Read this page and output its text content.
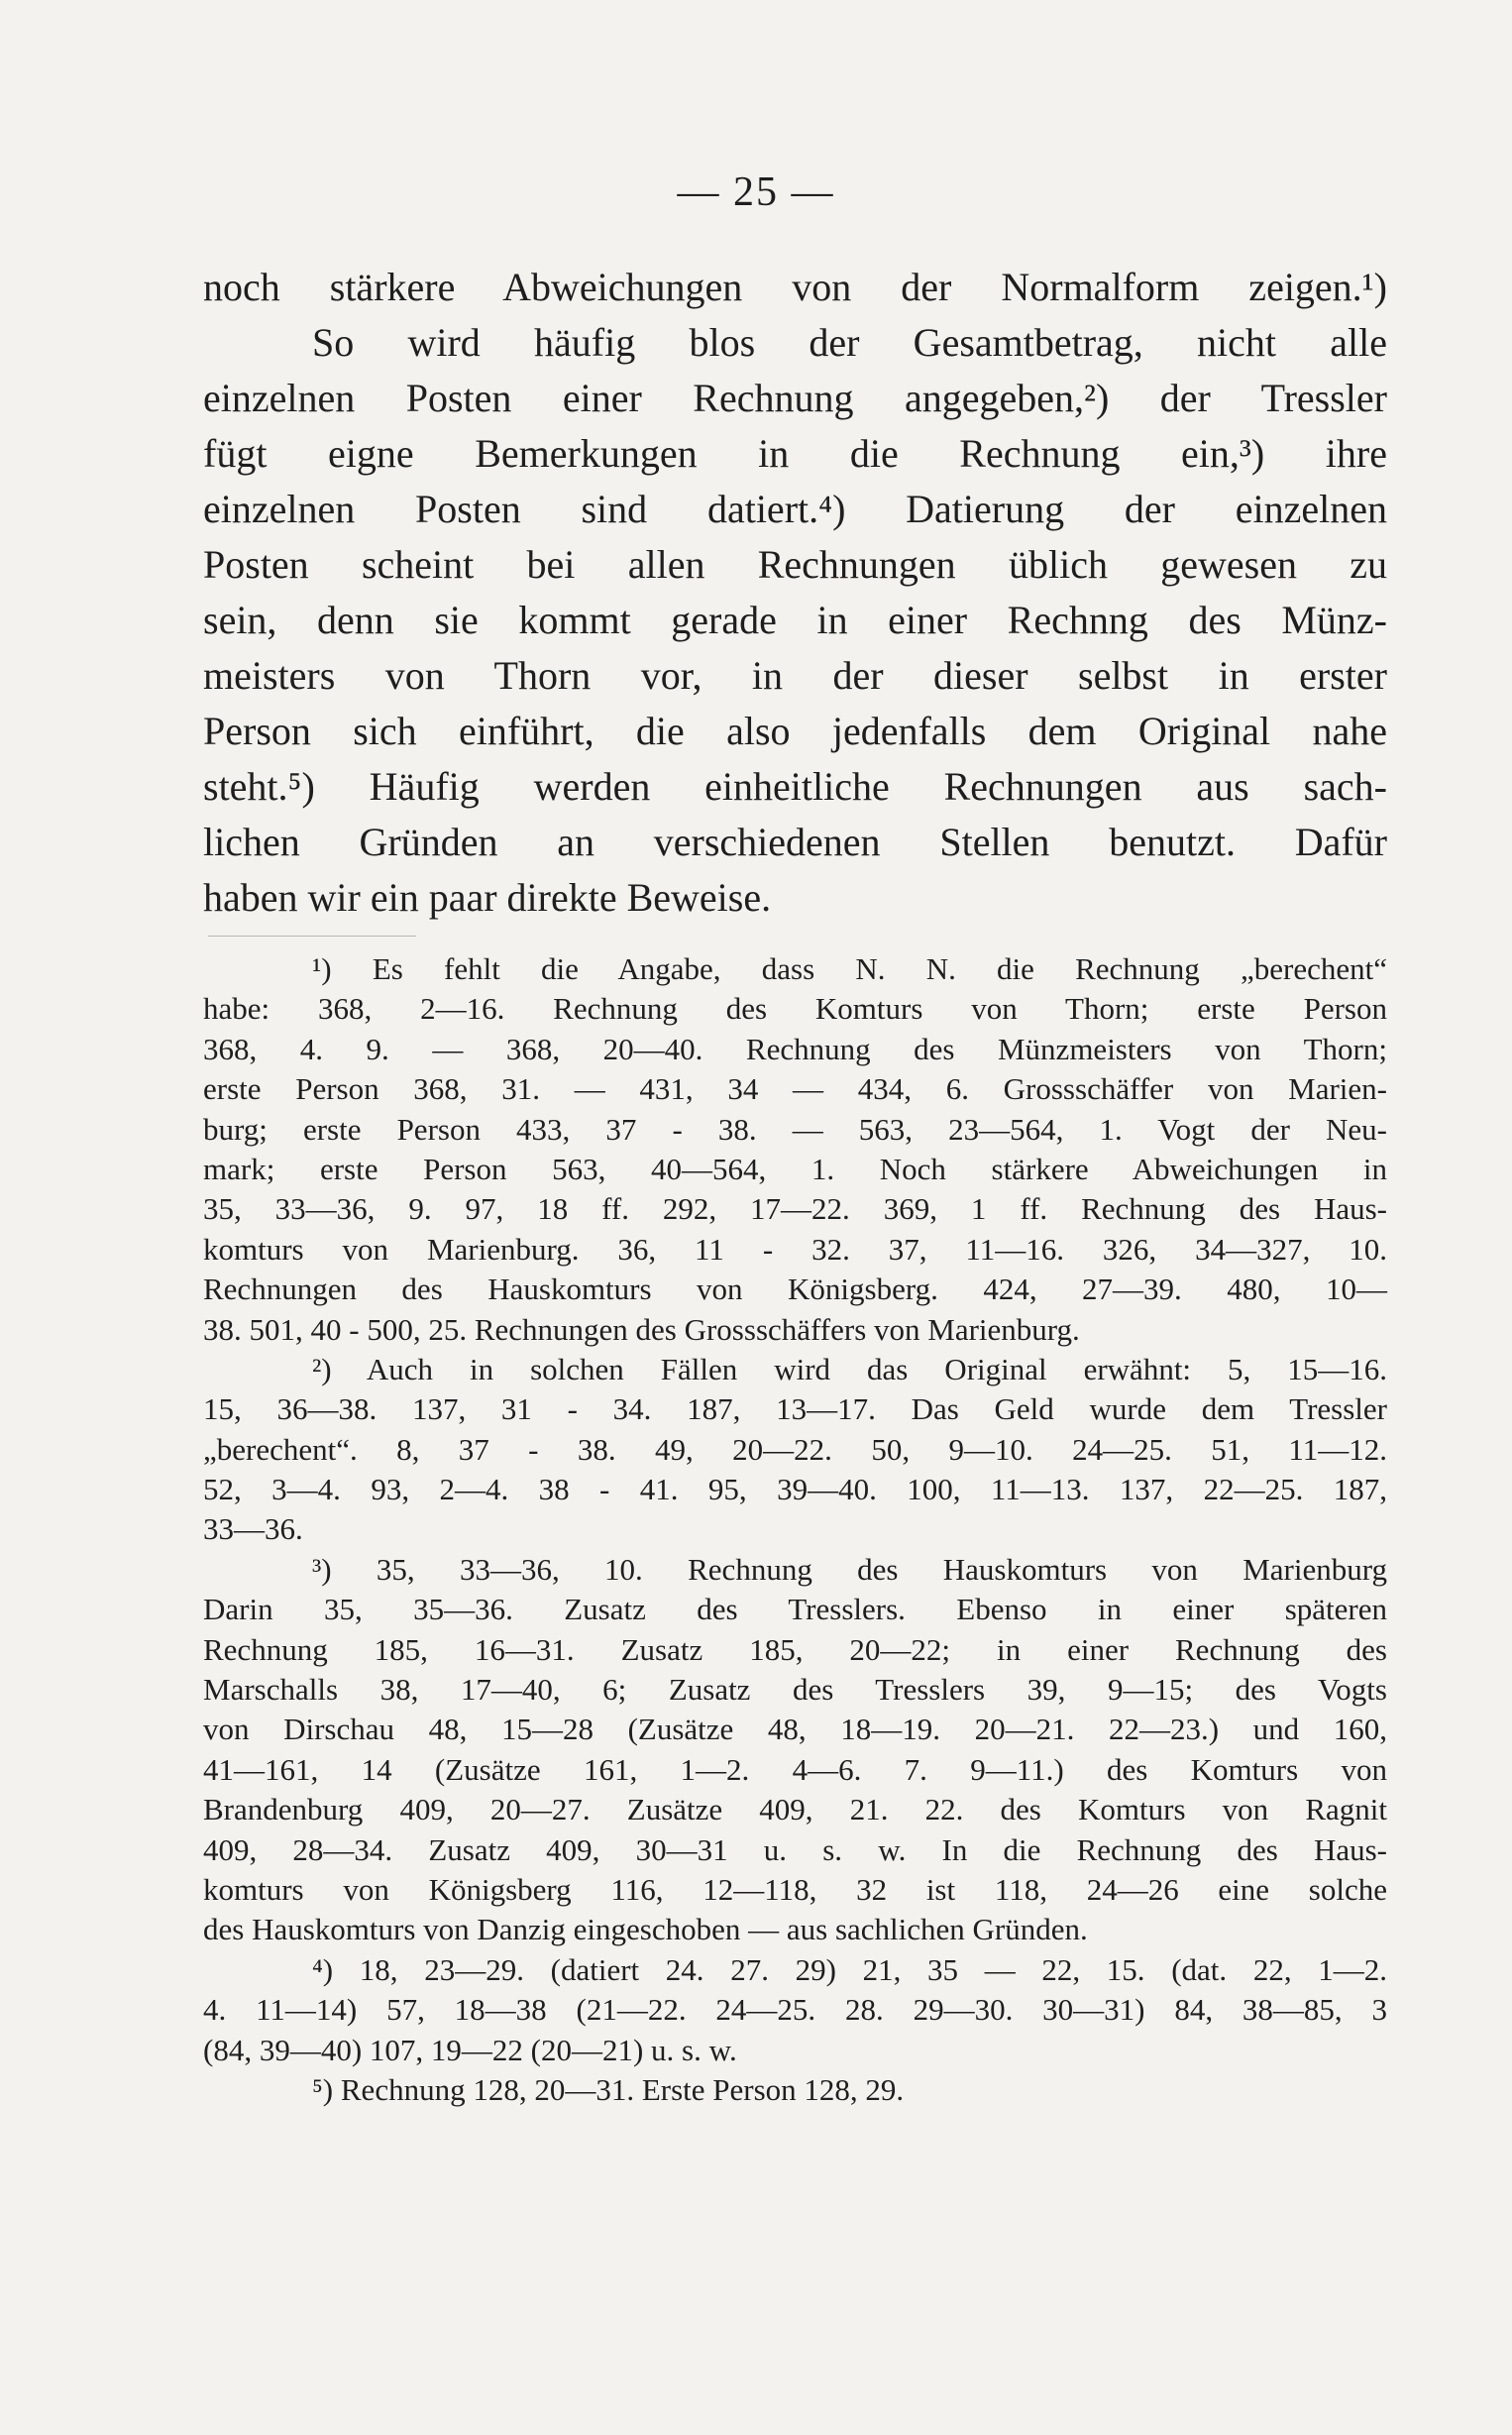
— 25 —
noch stärkere Abweichungen von der Normalform zeigen.¹)
So wird häufig blos der Gesamtbetrag, nicht alle
einzelnen Posten einer Rechnung angegeben,²) der Tressler
fügt eigne Bemerkungen in die Rechnung ein,³) ihre
einzelnen Posten sind datiert.⁴) Datierung der einzelnen
Posten scheint bei allen Rechnungen üblich gewesen zu
sein, denn sie kommt gerade in einer Rechnng des Münz-
meisters von Thorn vor, in der dieser selbst in erster
Person sich einführt, die also jedenfalls dem Original nahe
steht.⁵) Häufig werden einheitliche Rechnungen aus sach-
lichen Gründen an verschiedenen Stellen benutzt. Dafür
haben wir ein paar direkte Beweise.
¹) Es fehlt die Angabe, dass N. N. die Rechnung „berechent“
habe: 368, 2—16. Rechnung des Komturs von Thorn; erste Person
368, 4. 9. — 368, 20—40. Rechnung des Münzmeisters von Thorn;
erste Person 368, 31. — 431, 34 — 434, 6. Grossschäffer von Marien-
burg; erste Person 433, 37 - 38. — 563, 23—564, 1. Vogt der Neu-
mark; erste Person 563, 40—564, 1. Noch stärkere Abweichungen in
35, 33—36, 9. 97, 18 ff. 292, 17—22. 369, 1 ff. Rechnung des Haus-
komturs von Marienburg. 36, 11 - 32. 37, 11—16. 326, 34—327, 10.
Rechnungen des Hauskomturs von Königsberg. 424, 27—39. 480, 10—
38. 501, 40 - 500, 25. Rechnungen des Grossschäffers von Marienburg.
²) Auch in solchen Fällen wird das Original erwähnt: 5, 15—16.
15, 36—38. 137, 31 - 34. 187, 13—17. Das Geld wurde dem Tressler
„berechent“. 8, 37 - 38. 49, 20—22. 50, 9—10. 24—25. 51, 11—12.
52, 3—4. 93, 2—4. 38 - 41. 95, 39—40. 100, 11—13. 137, 22—25. 187,
33—36.
³) 35, 33—36, 10. Rechnung des Hauskomturs von Marienburg
Darin 35, 35—36. Zusatz des Tresslers. Ebenso in einer späteren
Rechnung 185, 16—31. Zusatz 185, 20—22; in einer Rechnung des
Marschalls 38, 17—40, 6; Zusatz des Tresslers 39, 9—15; des Vogts
von Dirschau 48, 15—28 (Zusätze 48, 18—19. 20—21. 22—23.) und 160,
41—161, 14 (Zusätze 161, 1—2. 4—6. 7. 9—11.) des Komturs von
Brandenburg 409, 20—27. Zusätze 409, 21. 22. des Komturs von Ragnit
409, 28—34. Zusatz 409, 30—31 u. s. w. In die Rechnung des Haus-
komturs von Königsberg 116, 12—118, 32 ist 118, 24—26 eine solche
des Hauskomturs von Danzig eingeschoben — aus sachlichen Gründen.
⁴) 18, 23—29. (datiert 24. 27. 29) 21, 35 — 22, 15. (dat. 22, 1—2.
4. 11—14) 57, 18—38 (21—22. 24—25. 28. 29—30. 30—31) 84, 38—85, 3
(84, 39—40) 107, 19—22 (20—21) u. s. w.
⁵) Rechnung 128, 20—31. Erste Person 128, 29.
